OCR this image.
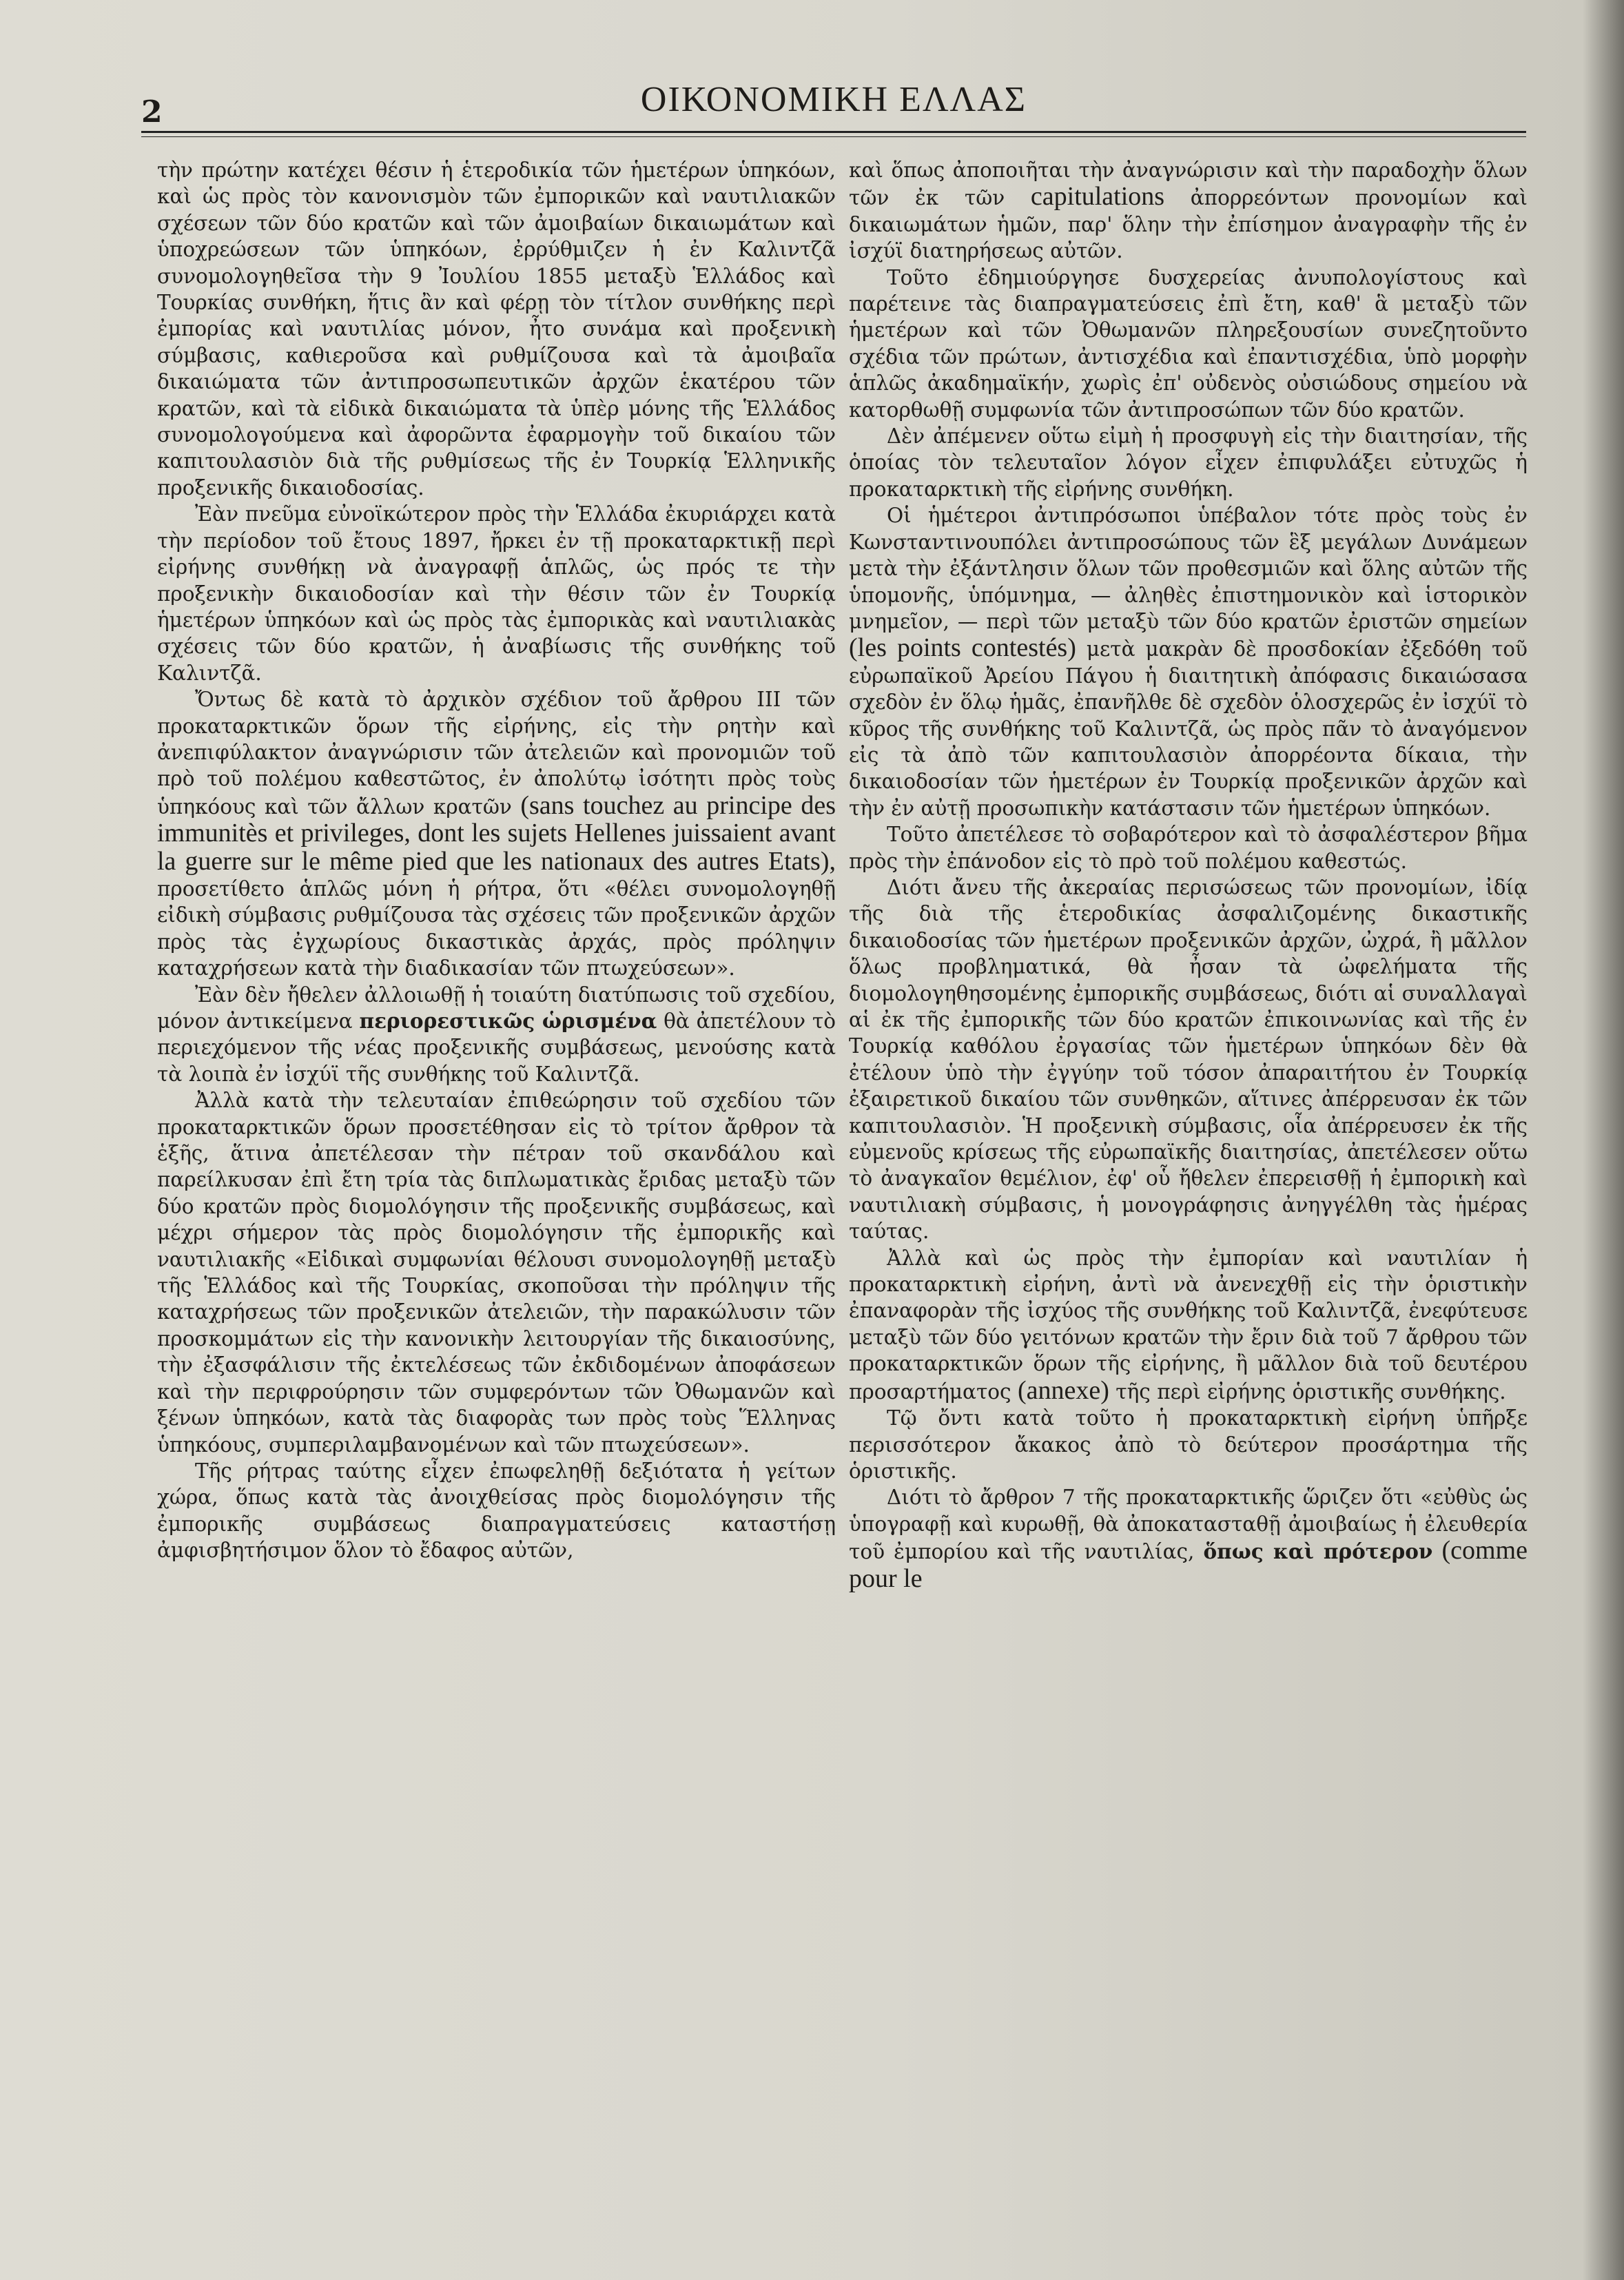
2	ΟΙΚΟΝΟΜΙΚΗ ΕΛΛΑΣ

τὴν πρώτην κατέχει θέσιν ἡ ἑτεροδικία τῶν ἡμετέρων ὑπηκόων, καὶ ὡς πρὸς τὸν κανονισμὸν τῶν ἐμπορικῶν καὶ ναυτιλιακῶν σχέσεων τῶν δύο κρατῶν καὶ τῶν ἀμοιβαίων δικαιωμάτων καὶ ὑποχρεώσεων τῶν ὑπηκόων, ἐρρύθμιζεν ἡ ἐν Καλιντζᾶ συνομολογηθεῖσα τὴν 9 Ἰουλίου 1855 μεταξὺ Ἑλλάδος καὶ Τουρκίας συνθήκη, ἥτις ἂν καὶ φέρῃ τὸν τίτλον συνθήκης περὶ ἐμπορίας καὶ ναυτιλίας μόνον, ἦτο συνάμα καὶ προξενικὴ σύμβασις, καθιεροῦσα καὶ ρυθμίζουσα καὶ τὰ ἀμοιβαῖα δικαιώματα τῶν ἀντιπροσωπευτικῶν ἀρχῶν ἑκατέρου τῶν κρατῶν, καὶ τὰ εἰδικὰ δικαιώματα τὰ ὑπὲρ μόνης τῆς Ἑλλάδος συνομολογούμενα καὶ ἀφορῶντα ἐφαρμογὴν τοῦ δικαίου τῶν καπιτουλασιὸν διὰ τῆς ρυθμίσεως τῆς ἐν Τουρκίᾳ Ἑλληνικῆς προξενικῆς δικαιοδοσίας.

Ἐὰν πνεῦμα εὐνοϊκώτερον πρὸς τὴν Ἑλλάδα ἐκυριάρχει κατὰ τὴν περίοδον τοῦ ἔτους 1897, ἤρκει ἐν τῇ προκαταρκτικῇ περὶ εἰρήνης συνθήκῃ νὰ ἀναγραφῇ ἁπλῶς, ὡς πρός τε τὴν προξενικὴν δικαιοδοσίαν καὶ τὴν θέσιν τῶν ἐν Τουρκίᾳ ἡμετέρων ὑπηκόων καὶ ὡς πρὸς τὰς ἐμπορικὰς καὶ ναυτιλιακὰς σχέσεις τῶν δύο κρατῶν, ἡ ἀναβίωσις τῆς συνθήκης τοῦ Καλιντζᾶ.

Ὄντως δὲ κατὰ τὸ ἀρχικὸν σχέδιον τοῦ ἄρθρου III τῶν προκαταρκτικῶν ὅρων τῆς εἰρήνης, εἰς τὴν ρητὴν καὶ ἀνεπιφύλακτον ἀναγνώρισιν τῶν ἀτελειῶν καὶ προνομιῶν τοῦ πρὸ τοῦ πολέμου καθεστῶτος, ἐν ἀπολύτῳ ἰσότητι πρὸς τοὺς ὑπηκόους καὶ τῶν ἄλλων κρατῶν (sans touchez au principe des immunitès et privileges, dont les sujets Hellenes juissaient avant la guerre sur le même pied que les nationaux des autres Etats), προσετίθετο ἁπλῶς μόνη ἡ ρήτρα, ὅτι «θέλει συνομολογηθῇ εἰδικὴ σύμβασις ρυθμίζουσα τὰς σχέσεις τῶν προξενικῶν ἀρχῶν πρὸς τὰς ἐγχωρίους δικαστικὰς ἀρχάς, πρὸς πρόληψιν καταχρήσεων κατὰ τὴν διαδικασίαν τῶν πτωχεύσεων».

Ἐὰν δὲν ἤθελεν ἀλλοιωθῇ ἡ τοιαύτη διατύπωσις τοῦ σχεδίου, μόνον ἀντικείμενα περιορεστικῶς ὡρισμένα θὰ ἀπετέλουν τὸ περιεχόμενον τῆς νέας προξενικῆς συμβάσεως, μενούσης κατὰ τὰ λοιπὰ ἐν ἰσχύϊ τῆς συνθήκης τοῦ Καλιντζᾶ.

Ἀλλὰ κατὰ τὴν τελευταίαν ἐπιθεώρησιν τοῦ σχεδίου τῶν προκαταρκτικῶν ὅρων προσετέθησαν εἰς τὸ τρίτον ἄρθρον τὰ ἑξῆς, ἅτινα ἀπετέλεσαν τὴν πέτραν τοῦ σκανδάλου καὶ παρείλκυσαν ἐπὶ ἔτη τρία τὰς διπλωματικὰς ἔριδας μεταξὺ τῶν δύο κρατῶν πρὸς διομολόγησιν τῆς προξενικῆς συμβάσεως, καὶ μέχρι σήμερον τὰς πρὸς διομολόγησιν τῆς ἐμπορικῆς καὶ ναυτιλιακῆς «Εἰδικαὶ συμφωνίαι θέλουσι συνομολογηθῇ μεταξὺ τῆς Ἑλλάδος καὶ τῆς Τουρκίας, σκοποῦσαι τὴν πρόληψιν τῆς καταχρήσεως τῶν προξενικῶν ἀτελειῶν, τὴν παρακώλυσιν τῶν προσκομμάτων εἰς τὴν κανονικὴν λειτουργίαν τῆς δικαιοσύνης, τὴν ἐξασφάλισιν τῆς ἐκτελέσεως τῶν ἐκδιδομένων ἀποφάσεων καὶ τὴν περιφρούρησιν τῶν συμφερόντων τῶν Ὀθωμανῶν καὶ ξένων ὑπηκόων, κατὰ τὰς διαφορὰς των πρὸς τοὺς Ἕλληνας ὑπηκόους, συμπεριλαμβανομένων καὶ τῶν πτωχεύσεων».

Τῆς ρήτρας ταύτης εἶχεν ἐπωφεληθῇ δεξιότατα ἡ γείτων χώρα, ὅπως κατὰ τὰς ἀνοιχθείσας πρὸς διομολόγησιν τῆς ἐμπορικῆς συμβάσεως διαπραγματεύσεις καταστήσῃ ἀμφισβητήσιμον ὅλον τὸ ἔδαφος αὐτῶν,

καὶ ὅπως ἀποποιῆται τὴν ἀναγνώρισιν καὶ τὴν παραδοχὴν ὅλων τῶν ἐκ τῶν capitulations ἀπορρεόντων προνομίων καὶ δικαιωμάτων ἡμῶν, παρ' ὅλην τὴν ἐπίσημον ἀναγραφὴν τῆς ἐν ἰσχύϊ διατηρήσεως αὐτῶν.

Τοῦτο ἐδημιούργησε δυσχερείας ἀνυπολογίστους καὶ παρέτεινε τὰς διαπραγματεύσεις ἐπὶ ἔτη, καθ' ἃ μεταξὺ τῶν ἡμετέρων καὶ τῶν Ὀθωμανῶν πληρεξουσίων συνεζητοῦντο σχέδια τῶν πρώτων, ἀντισχέδια καὶ ἐπαντισχέδια, ὑπὸ μορφὴν ἁπλῶς ἀκαδημαϊκήν, χωρὶς ἐπ' οὐδενὸς οὐσιώδους σημείου νὰ κατορθωθῇ συμφωνία τῶν ἀντιπροσώπων τῶν δύο κρατῶν.

Δὲν ἀπέμενεν οὕτω εἰμὴ ἡ προσφυγὴ εἰς τὴν διαιτησίαν, τῆς ὁποίας τὸν τελευταῖον λόγον εἶχεν ἐπιφυλάξει εὐτυχῶς ἡ προκαταρκτικὴ τῆς εἰρήνης συνθήκη.

Οἱ ἡμέτεροι ἀντιπρόσωποι ὑπέβαλον τότε πρὸς τοὺς ἐν Κωνσταντινουπόλει ἀντιπροσώπους τῶν ἓξ μεγάλων Δυνάμεων μετὰ τὴν ἐξάντλησιν ὅλων τῶν προθεσμιῶν καὶ ὅλης αὐτῶν τῆς ὑπομονῆς, ὑπόμνημα, — ἀληθὲς ἐπιστημονικὸν καὶ ἱστορικὸν μνημεῖον, — περὶ τῶν μεταξὺ τῶν δύο κρατῶν ἐριστῶν σημείων (les points contestés) μετὰ μακρὰν δὲ προσδοκίαν ἐξεδόθη τοῦ εὐρωπαϊκοῦ Ἀρείου Πάγου ἡ διαιτητικὴ ἀπόφασις δικαιώσασα σχεδὸν ἐν ὅλῳ ἡμᾶς, ἐπανῆλθε δὲ σχεδὸν ὁλοσχερῶς ἐν ἰσχύϊ τὸ κῦρος τῆς συνθήκης τοῦ Καλιντζᾶ, ὡς πρὸς πᾶν τὸ ἀναγόμενον εἰς τὰ ἀπὸ τῶν καπιτουλασιὸν ἀπορρέοντα δίκαια, τὴν δικαιοδοσίαν τῶν ἡμετέρων ἐν Τουρκίᾳ προξενικῶν ἀρχῶν καὶ τὴν ἐν αὐτῇ προσωπικὴν κατάστασιν τῶν ἡμετέρων ὑπηκόων.

Τοῦτο ἀπετέλεσε τὸ σοβαρότερον καὶ τὸ ἀσφαλέστερον βῆμα πρὸς τὴν ἐπάνοδον εἰς τὸ πρὸ τοῦ πολέμου καθεστώς.

Διότι ἄνευ τῆς ἀκεραίας περισώσεως τῶν προνομίων, ἰδίᾳ τῆς διὰ τῆς ἑτεροδικίας ἀσφαλιζομένης δικαστικῆς δικαιοδοσίας τῶν ἡμετέρων προξενικῶν ἀρχῶν, ὠχρά, ἢ μᾶλλον ὅλως προβληματικά, θὰ ἦσαν τὰ ὠφελήματα τῆς διομολογηθησομένης ἐμπορικῆς συμβάσεως, διότι αἱ συναλλαγαὶ αἱ ἐκ τῆς ἐμπορικῆς τῶν δύο κρατῶν ἐπικοινωνίας καὶ τῆς ἐν Τουρκίᾳ καθόλου ἐργασίας τῶν ἡμετέρων ὑπηκόων δὲν θὰ ἐτέλουν ὑπὸ τὴν ἐγγύην τοῦ τόσον ἀπαραιτήτου ἐν Τουρκίᾳ ἐξαιρετικοῦ δικαίου τῶν συνθηκῶν, αἵτινες ἀπέρρευσαν ἐκ τῶν καπιτουλασιὸν. Ἡ προξενικὴ σύμβασις, οἷα ἀπέρρευσεν ἐκ τῆς εὐμενοῦς κρίσεως τῆς εὐρωπαϊκῆς διαιτησίας, ἀπετέλεσεν οὕτω τὸ ἀναγκαῖον θεμέλιον, ἐφ' οὗ ἤθελεν ἐπερεισθῇ ἡ ἐμπορικὴ καὶ ναυτιλιακὴ σύμβασις, ἡ μονογράφησις ἀνηγγέλθη τὰς ἡμέρας ταύτας.

Ἀλλὰ καὶ ὡς πρὸς τὴν ἐμπορίαν καὶ ναυτιλίαν ἡ προκαταρκτικὴ εἰρήνη, ἀντὶ νὰ ἀνενεχθῇ εἰς τὴν ὁριστικὴν ἐπαναφορὰν τῆς ἰσχύος τῆς συνθήκης τοῦ Καλιντζᾶ, ἐνεφύτευσε μεταξὺ τῶν δύο γειτόνων κρατῶν τὴν ἔριν διὰ τοῦ 7 ἄρθρου τῶν προκαταρκτικῶν ὅρων τῆς εἰρήνης, ἢ μᾶλλον διὰ τοῦ δευτέρου προσαρτήματος (annexe) τῆς περὶ εἰρήνης ὁριστικῆς συνθήκης.

Τῷ ὄντι κατὰ τοῦτο ἡ προκαταρκτικὴ εἰρήνη ὑπῆρξε περισσότερον ἄκακος ἀπὸ τὸ δεύτερον προσάρτημα τῆς ὁριστικῆς.

Διότι τὸ ἄρθρον 7 τῆς προκαταρκτικῆς ὥριζεν ὅτι «εὐθὺς ὡς ὑπογραφῇ καὶ κυρωθῇ, θὰ ἀποκατασταθῇ ἀμοιβαίως ἡ ἐλευθερία τοῦ ἐμπορίου καὶ τῆς ναυτιλίας, ὅπως καὶ πρότερον (comme pour le
